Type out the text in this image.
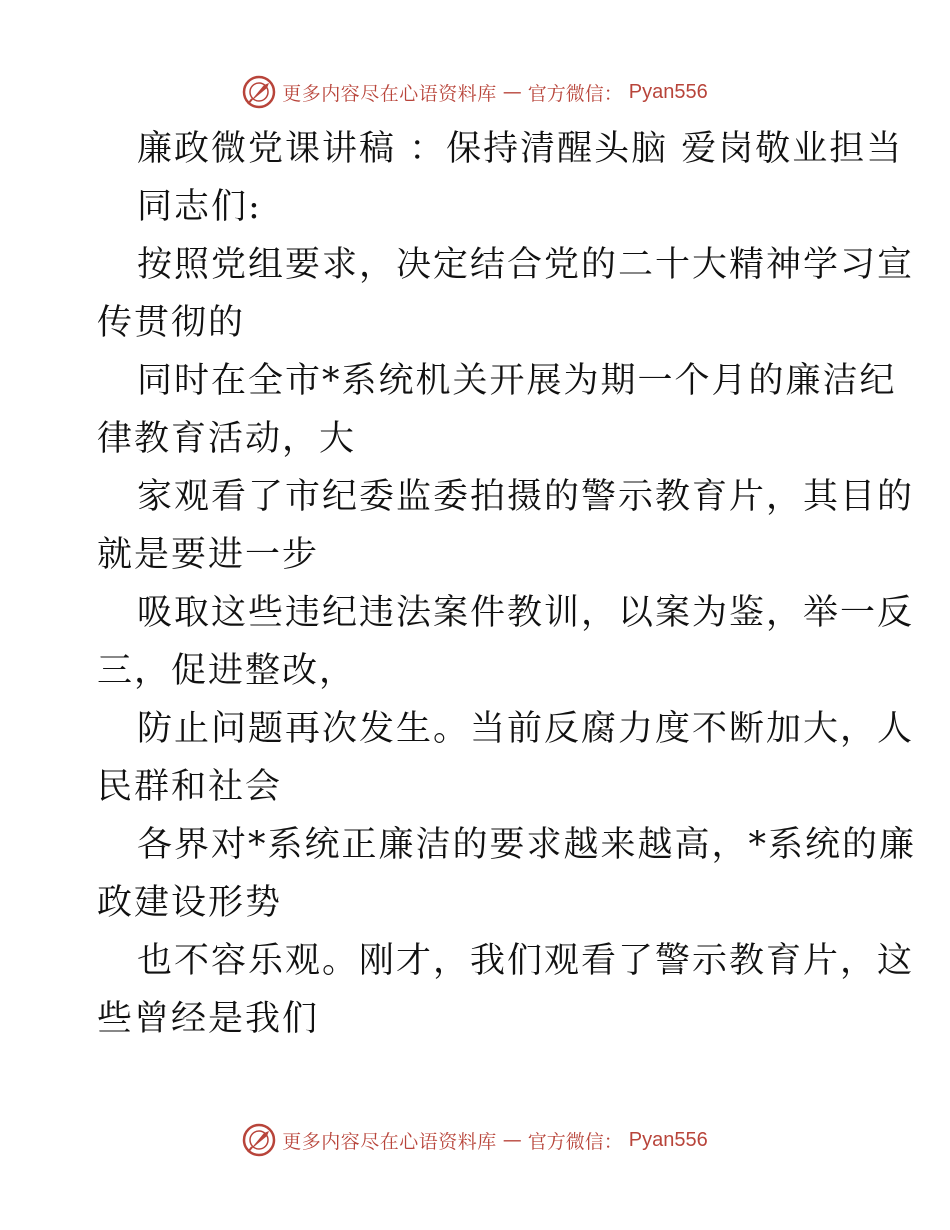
更多内容尽在心语资料库 — 官方微信： Pyan556
廉政微党课讲稿 ：保持清醒头脑 爱岗敬业担当
同志们:
按照党组要求，决定结合党的二十大精神学习宣
传贯彻的
同时在全市*系统机关开展为期一个月的廉洁纪
律教育活动，大
家观看了市纪委监委拍摄的警示教育片，其目的
就是要进一步
吸取这些违纪违法案件教训，以案为鉴，举一反
三，促进整改，
防止问题再次发生。当前反腐力度不断加大，人
民群和社会
各界对*系统正廉洁的要求越来越高，*系统的廉
政建设形势
也不容乐观。刚才，我们观看了警示教育片，这
些曾经是我们
更多内容尽在心语资料库 — 官方微信： Pyan556
